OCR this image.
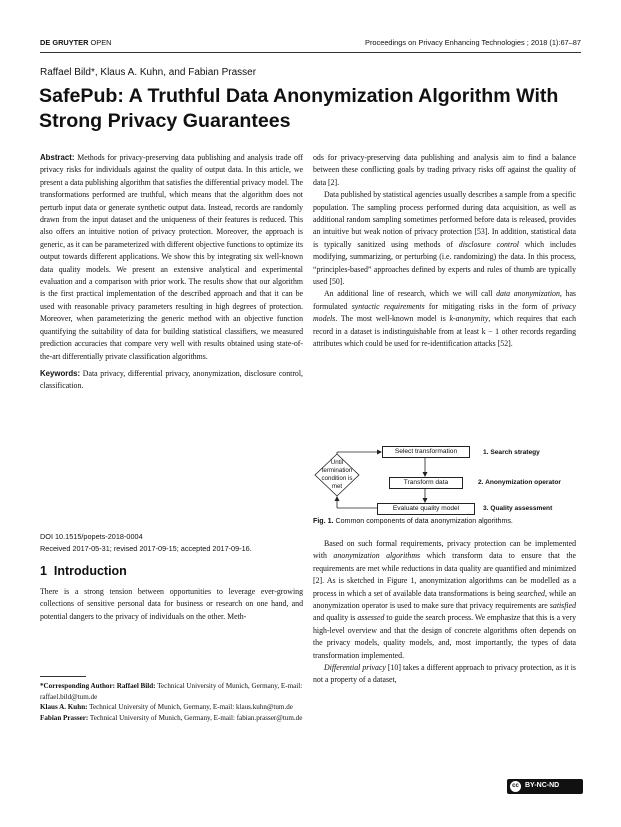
DE GRUYTER OPEN	Proceedings on Privacy Enhancing Technologies ; 2018 (1):67–87
Raffael Bild*, Klaus A. Kuhn, and Fabian Prasser
SafePub: A Truthful Data Anonymization Algorithm With Strong Privacy Guarantees

Abstract: Methods for privacy-preserving data publishing and analysis trade off privacy risks for individuals against the quality of output data. In this article, we present a data publishing algorithm that satisfies the differential privacy model. The transformations performed are truthful, which means that the algorithm does not perturb input data or generate synthetic output data. Instead, records are randomly drawn from the input dataset and the uniqueness of their features is reduced. This also offers an intuitive notion of privacy protection. Moreover, the approach is generic, as it can be parameterized with different objective functions to optimize its output towards different applications. We show this by integrating six well-known data quality models. We present an extensive analytical and experimental evaluation and a comparison with prior work. The results show that our algorithm is the first practical implementation of the described approach and that it can be used with reasonable privacy parameters resulting in high degrees of protection. Moreover, when parameterizing the generic method with an objective function quantifying the suitability of data for building statistical classifiers, we measured prediction accuracies that compare very well with results obtained using state-of-the-art differentially private classification algorithms.

Keywords: Data privacy, differential privacy, anonymization, disclosure control, classification.

DOI 10.1515/popets-2018-0004
Received 2017-05-31; revised 2017-09-15; accepted 2017-09-16.
1 Introduction
There is a strong tension between opportunities to leverage ever-growing collections of sensitive personal data for business or research on one hand, and potential dangers to the privacy of individuals on the other. Meth-

*Corresponding Author: Raffael Bild: Technical University of Munich, Germany, E-mail: raffael.bild@tum.de

Klaus A. Kuhn: Technical University of Munich, Germany, E-mail: klaus.kuhn@tum.de

Fabian Prasser: Technical University of Munich, Germany, E-mail: fabian.prasser@tum.de

ods for privacy-preserving data publishing and analysis aim to find a balance between these conflicting goals by trading privacy risks off against the quality of data [2].

Data published by statistical agencies usually describes a sample from a specific population. The sampling process performed during data acquisition, as well as additional random sampling sometimes performed before data is released, provides an intuitive but weak notion of privacy protection [53]. In addition, statistical data is typically sanitized using methods of disclosure control which includes modifying, summarizing, or perturbing (i.e. randomizing) the data. In this process, “principles-based” approaches defined by experts and rules of thumb are typically used [50].

An additional line of research, which we will call data anonymization, has formulated syntactic requirements for mitigating risks in the form of privacy models. The most well-known model is k-anonymity, which requires that each record in a dataset is indistinguishable from at least k − 1 other records regarding attributes which could be used for re-identification attacks [52].

Select transformation
Transform data
Evaluate quality model
Until termination condition is met
1. Search strategy
2. Anonymization operator
3. Quality assessment
Fig. 1. Common components of data anonymization algorithms.

Based on such formal requirements, privacy protection can be implemented with anonymization algorithms which transform data to ensure that the requirements are met while reductions in data quality are quantified and minimized [2]. As is sketched in Figure 1, anonymization algorithms can be modelled as a process in which a set of available data transformations is being searched, while an anonymization operator is used to make sure that privacy requirements are satisfied and quality is assessed to guide the search process. We emphasize that this is a very high-level overview and that the design of concrete algorithms often depends on the privacy models, quality models, and, most importantly, the types of data transformation implemented.

Differential privacy [10] takes a different approach to privacy protection, as it is not a property of a dataset,

cc BY-NC-ND
